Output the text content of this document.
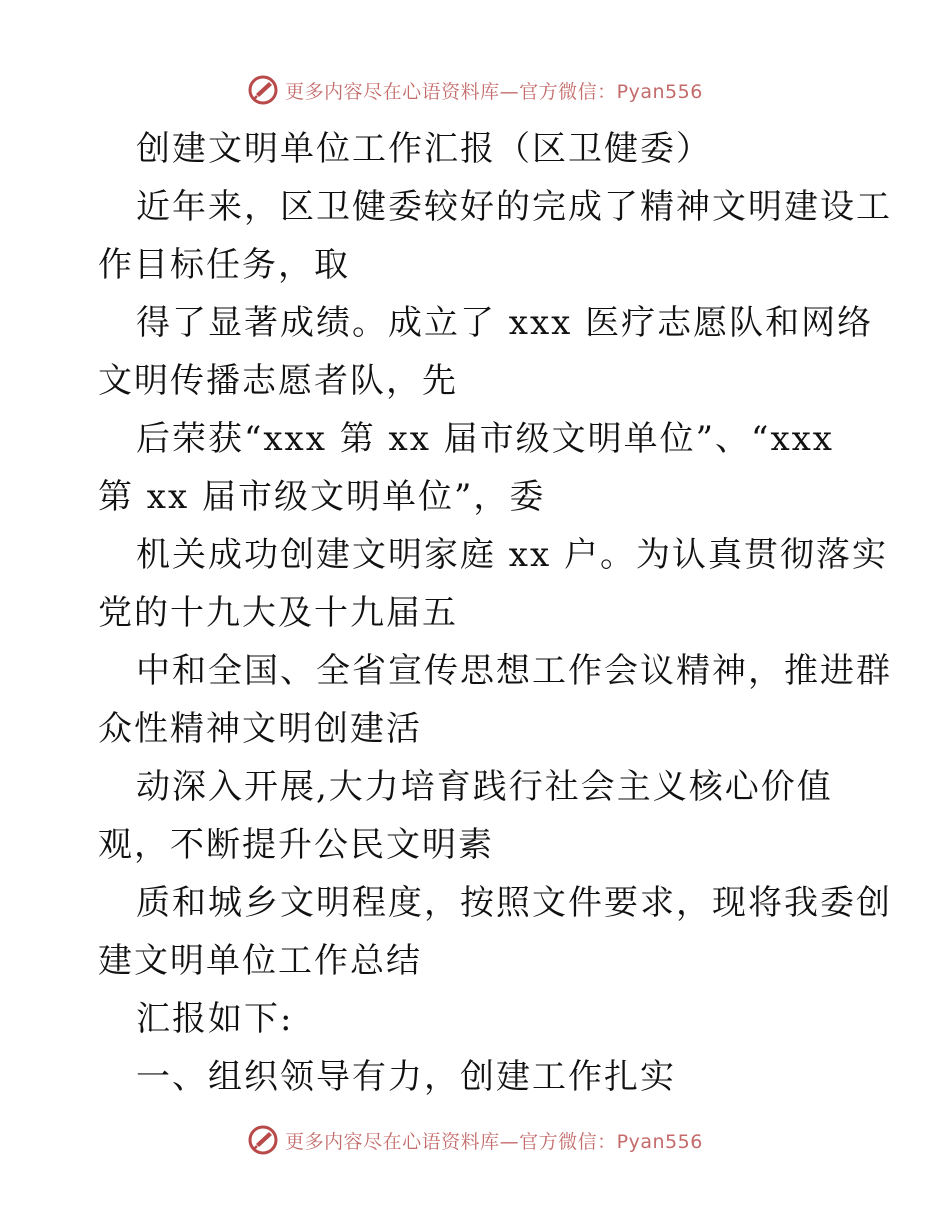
更多内容尽在心语资料库—官方微信：Pyan556
创建文明单位工作汇报（区卫健委）
近年来，区卫健委较好的完成了精神文明建设工
作目标任务，取
得了显著成绩。成立了 xxx 医疗志愿队和网络
文明传播志愿者队，先
后荣获“xxx 第 xx 届市级文明单位”、“xxx
第 xx 届市级文明单位”，委
机关成功创建文明家庭 xx 户。为认真贯彻落实
党的十九大及十九届五
中和全国、全省宣传思想工作会议精神，推进群
众性精神文明创建活
动深入开展,大力培育践行社会主义核心价值
观，不断提升公民文明素
质和城乡文明程度，按照文件要求，现将我委创
建文明单位工作总结
汇报如下:
一、组织领导有力，创建工作扎实
更多内容尽在心语资料库—官方微信：Pyan556
